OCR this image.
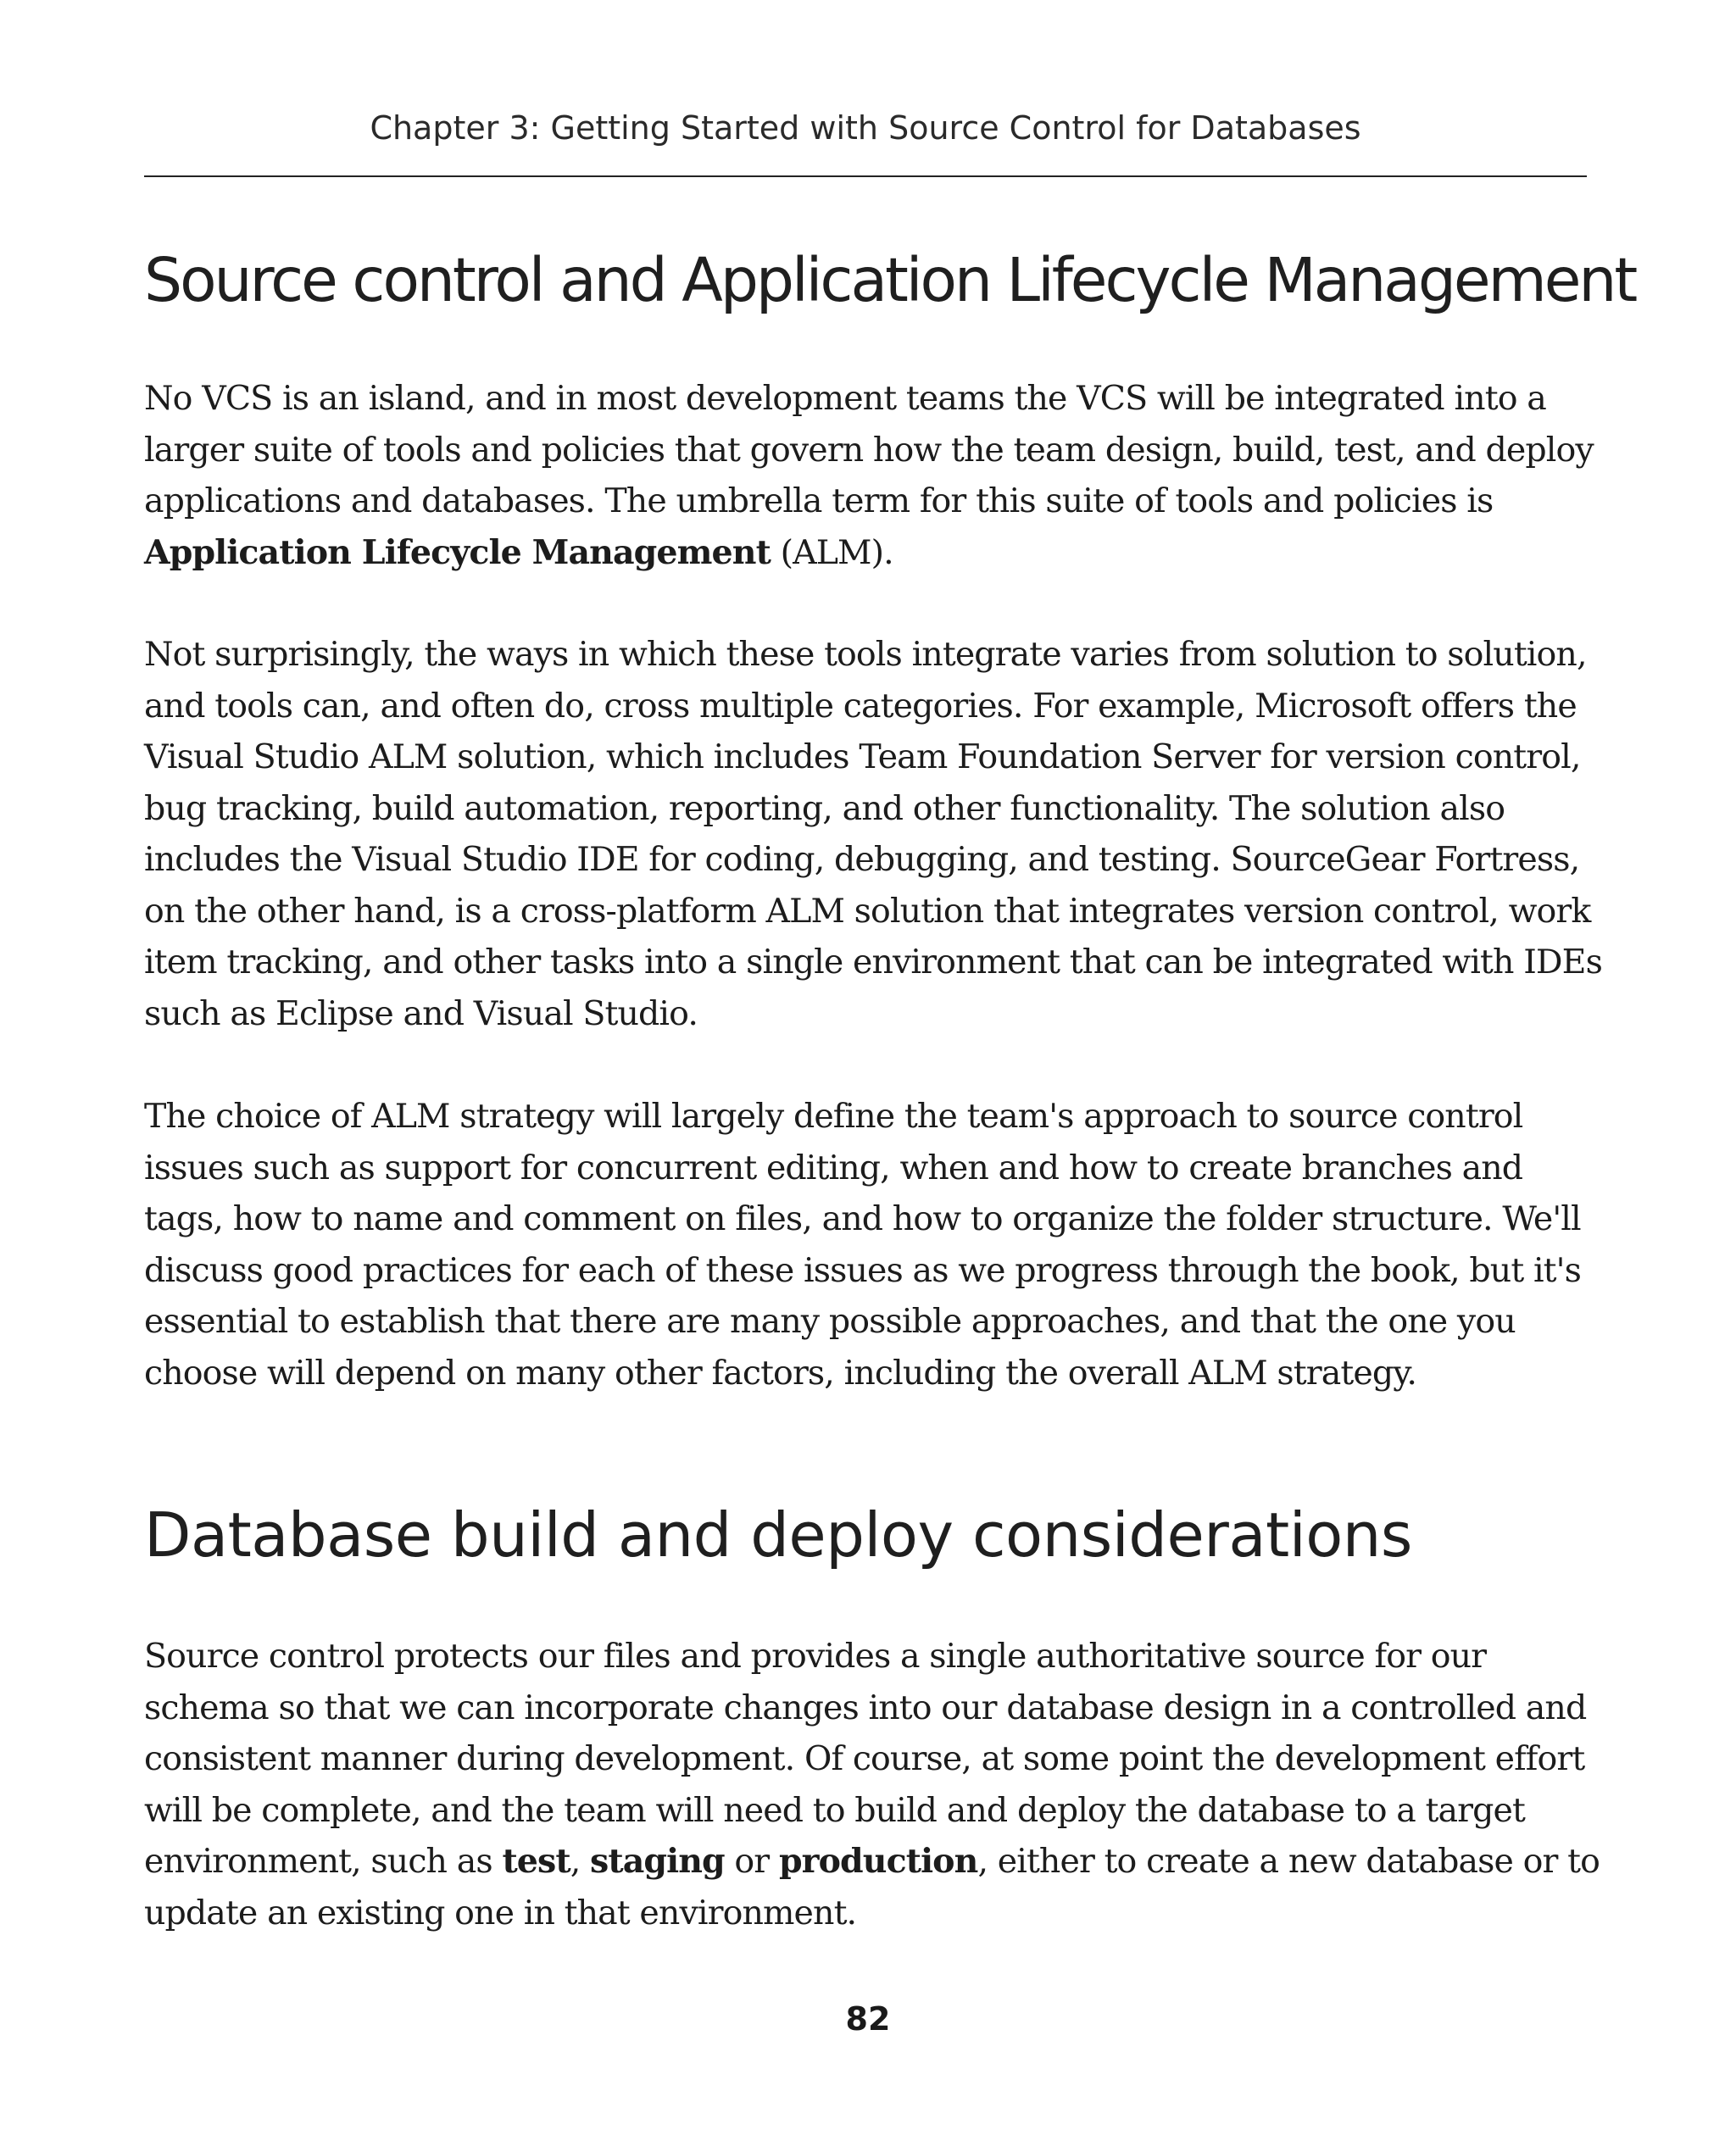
Chapter 3: Getting Started with Source Control for Databases
Source control and Application Lifecycle Management

No VCS is an island, and in most development teams the VCS will be integrated into a larger suite of tools and policies that govern how the team design, build, test, and deploy applications and databases. The umbrella term for this suite of tools and policies is Application Lifecycle Management (ALM).

Not surprisingly, the ways in which these tools integrate varies from solution to solution, and tools can, and often do, cross multiple categories. For example, Microsoft offers the Visual Studio ALM solution, which includes Team Foundation Server for version control, bug tracking, build automation, reporting, and other functionality. The solution also includes the Visual Studio IDE for coding, debugging, and testing. SourceGear Fortress, on the other hand, is a cross-platform ALM solution that integrates version control, work item tracking, and other tasks into a single environment that can be integrated with IDEs such as Eclipse and Visual Studio.

The choice of ALM strategy will largely define the team's approach to source control issues such as support for concurrent editing, when and how to create branches and tags, how to name and comment on files, and how to organize the folder structure. We'll discuss good practices for each of these issues as we progress through the book, but it's essential to establish that there are many possible approaches, and that the one you choose will depend on many other factors, including the overall ALM strategy.

Database build and deploy considerations

Source control protects our files and provides a single authoritative source for our schema so that we can incorporate changes into our database design in a controlled and consistent manner during development. Of course, at some point the development effort will be complete, and the team will need to build and deploy the database to a target environment, such as test, staging or production, either to create a new database or to update an existing one in that environment.

82
